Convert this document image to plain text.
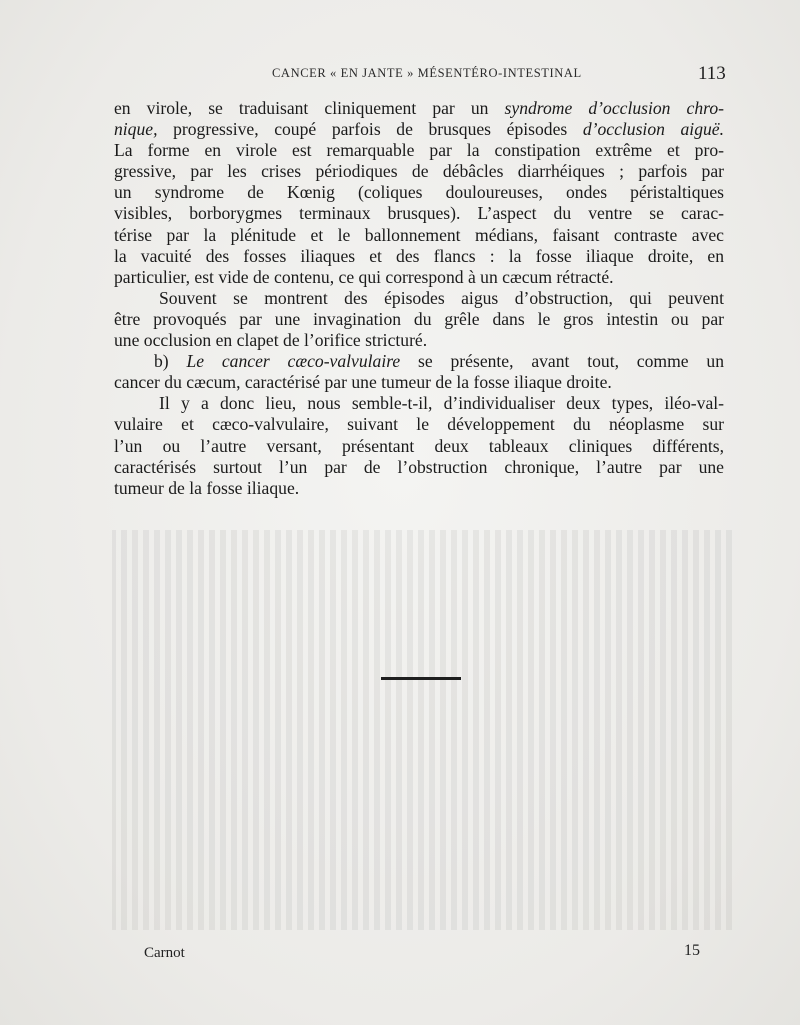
CANCER « EN JANTE » MÉSENTÉRO-INTESTINAL	113
en virole, se traduisant cliniquement par un syndrome d’occlusion chro-
nique, progressive, coupé parfois de brusques épisodes d’occlusion aiguë.
La forme en virole est remarquable par la constipation extrême et pro-
gressive, par les crises périodiques de débâcles diarrhéiques ; parfois par
un syndrome de Kœnig (coliques douloureuses, ondes péristaltiques
visibles, borborygmes terminaux brusques). L’aspect du ventre se carac-
térise par la plénitude et le ballonnement médians, faisant contraste avec
la vacuité des fosses iliaques et des flancs : la fosse iliaque droite, en
particulier, est vide de contenu, ce qui correspond à un cæcum rétracté.
Souvent se montrent des épisodes aigus d’obstruction, qui peuvent
être provoqués par une invagination du grêle dans le gros intestin ou par
une occlusion en clapet de l’orifice stricturé.
b) Le cancer cæco-valvulaire se présente, avant tout, comme un
cancer du cæcum, caractérisé par une tumeur de la fosse iliaque droite.
Il y a donc lieu, nous semble-t-il, d’individualiser deux types, iléo-val-
vulaire et cæco-valvulaire, suivant le développement du néoplasme sur
l’un ou l’autre versant, présentant deux tableaux cliniques différents,
caractérisés surtout l’un par de l’obstruction chronique, l’autre par une
tumeur de la fosse iliaque.
Carnot	15
